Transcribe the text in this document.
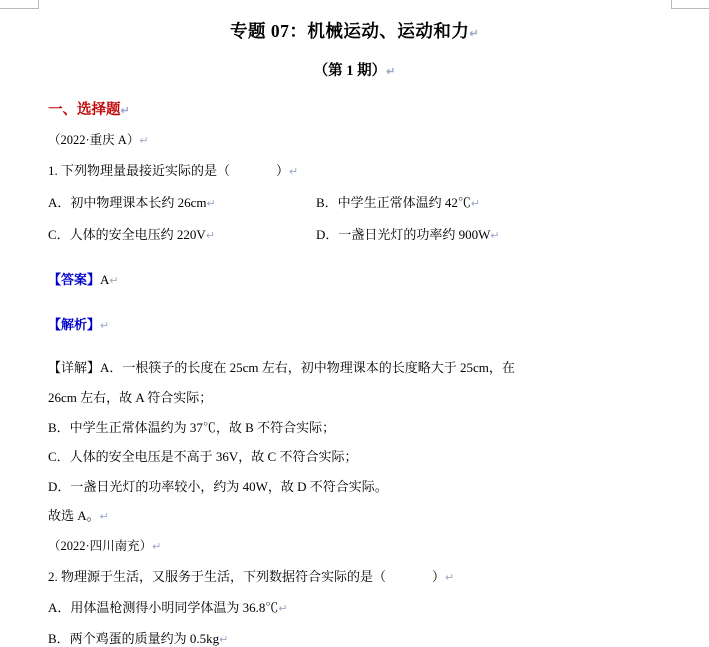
专题 07：机械运动、运动和力↵
（第 1 期）↵

一、选择题↵

（2022·重庆 A）↵

1. 下列物理量最接近实际的是（	）↵

A．初中物理课本长约 26cm↵	B．中学生正常体温约 42℃↵
C．人体的安全电压约 220V↵	D．一盏日光灯的功率约 900W↵

【答案】A↵

【解析】↵

【详解】A．一根筷子的长度在 25cm 左右，初中物理课本的长度略大于 25cm，在

26cm 左右，故 A 符合实际；

B．中学生正常体温约为 37℃，故 B 不符合实际；

C．人体的安全电压是不高于 36V，故 C 不符合实际；

D．一盏日光灯的功率较小，约为 40W，故 D 不符合实际。

故选 A。↵

（2022·四川南充）↵

2. 物理源于生活，又服务于生活，下列数据符合实际的是（	）↵

A．用体温枪测得小明同学体温为 36.8℃↵

B．两个鸡蛋的质量约为 0.5kg↵
